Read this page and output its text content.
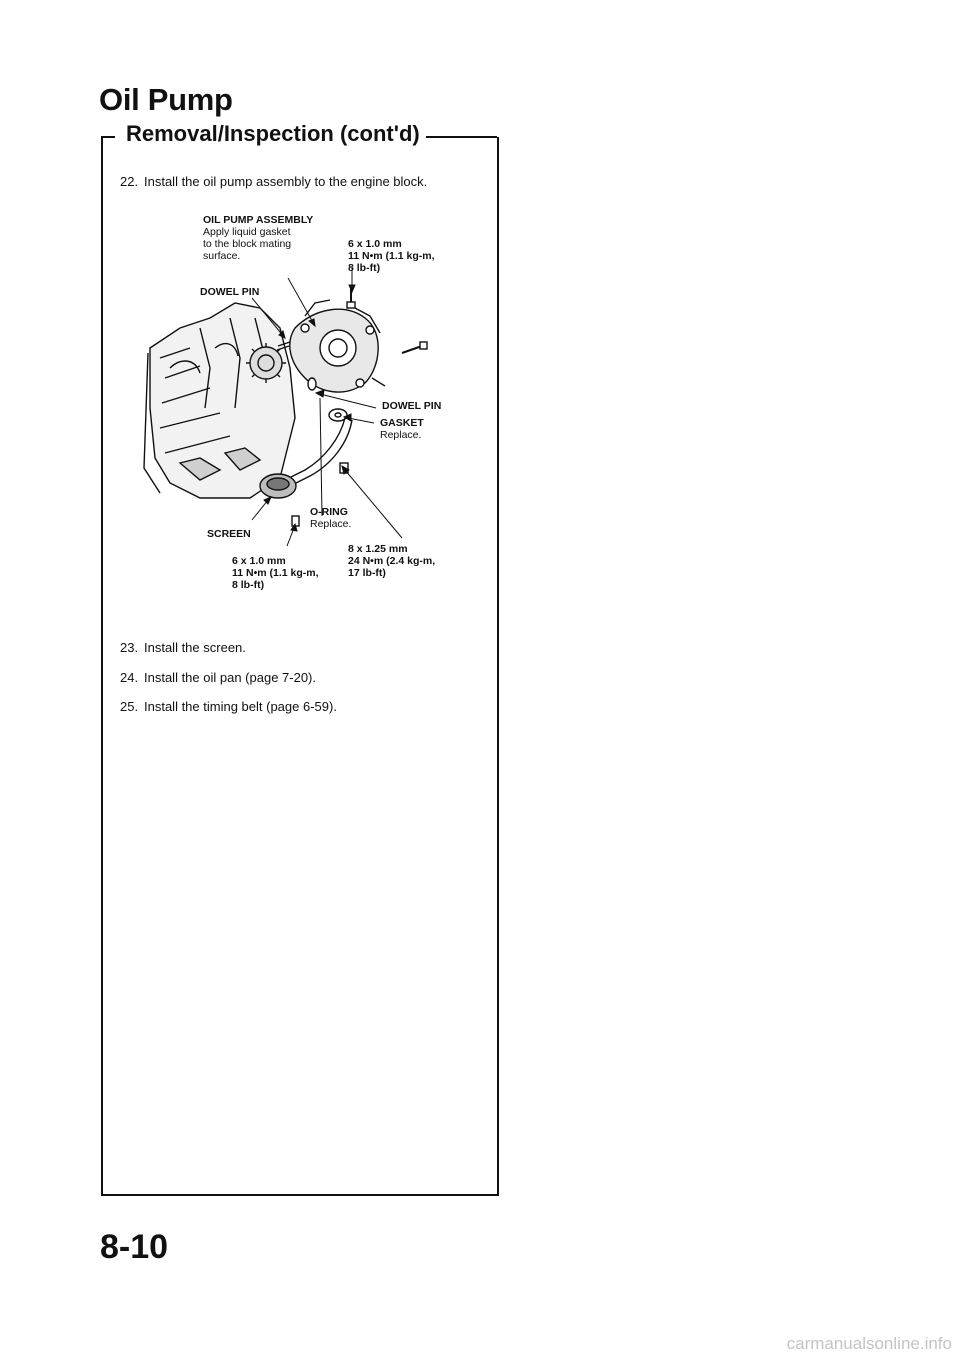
Oil Pump
Removal/Inspection (cont'd)
22. Install the oil pump assembly to the engine block.
OIL PUMP ASSEMBLY
Apply liquid gasket
to the block mating
surface.
6 x 1.0 mm
11 N•m (1.1 kg-m,
8 lb-ft)
DOWEL PIN
DOWEL PIN
GASKET
Replace.
O-RING
Replace.
SCREEN
6 x 1.0 mm
11 N•m (1.1 kg-m,
8 lb-ft)
8 x 1.25 mm
24 N•m (2.4 kg-m,
17 lb-ft)
23. Install the screen.
24. Install the oil pan (page 7-20).
25. Install the timing belt (page 6-59).
8-10
carmanualsonline.info
